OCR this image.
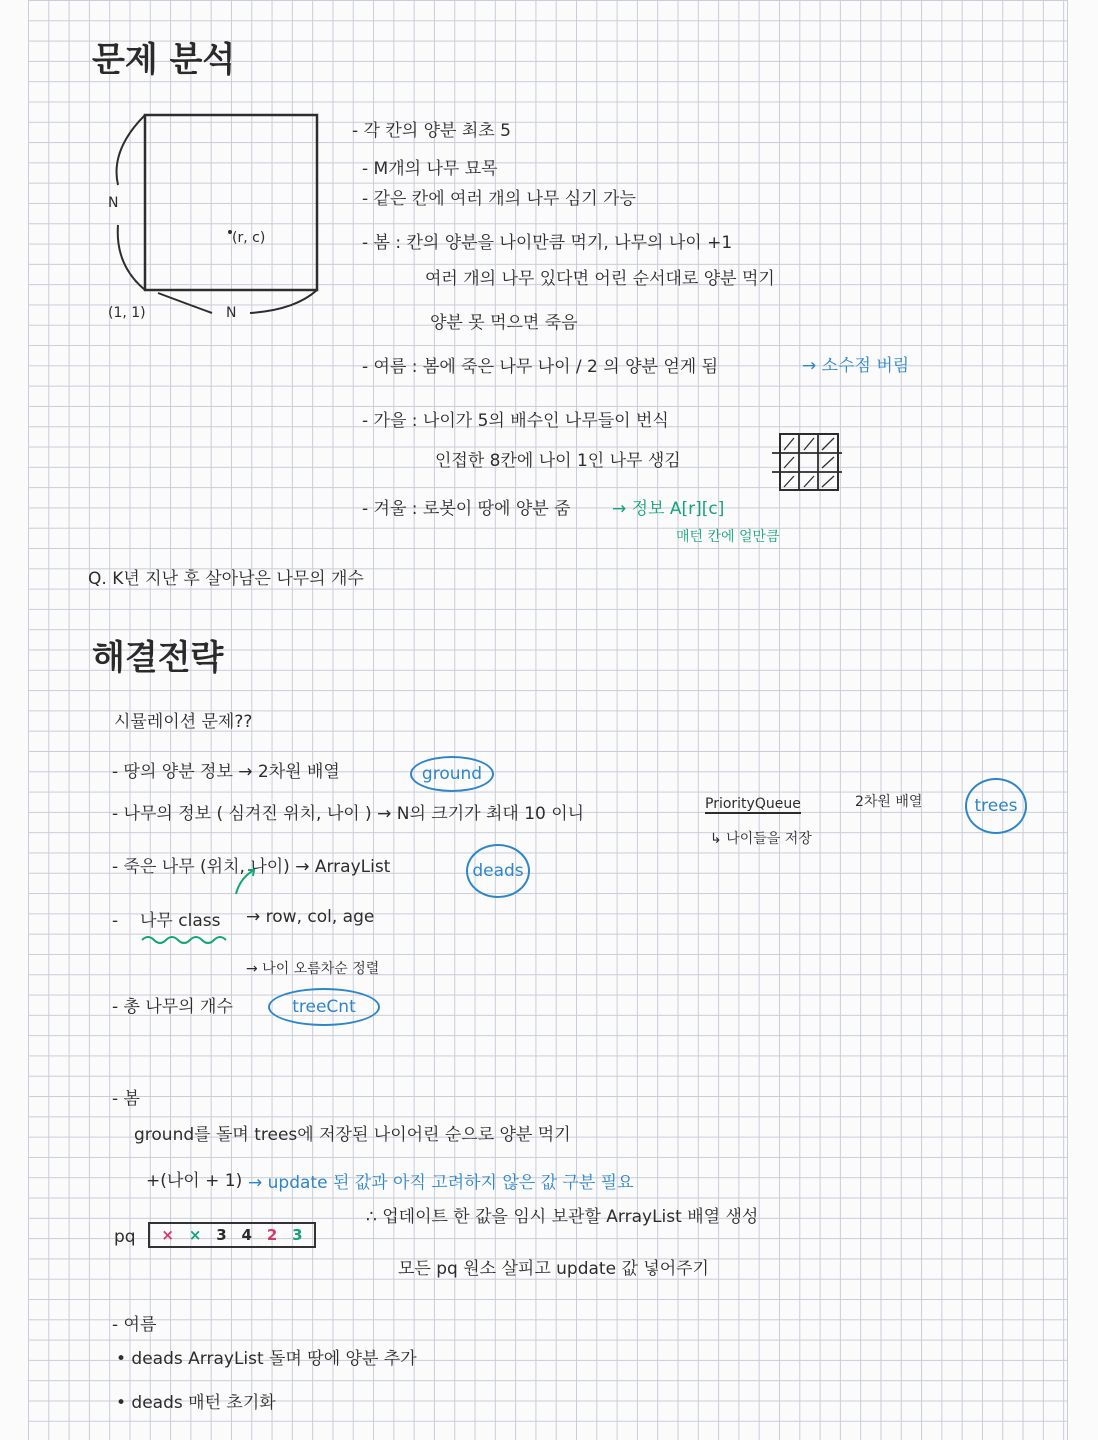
문제 분석
N
N
(r, c)
(1, 1)
- 각 칸의 양분 최초 5
- M개의 나무 묘목
- 같은 칸에 여러 개의 나무 심기 가능
- 봄 : 칸의 양분을 나이만큼 먹기, 나무의 나이 +1
여러 개의 나무 있다면 어린 순서대로 양분 먹기
양분 못 먹으면 죽음
- 여름 : 봄에 죽은 나무 나이 / 2 의 양분 얻게 됨	→ 소수점 버림
- 가을 : 나이가 5의 배수인 나무들이 번식
인접한 8칸에 나이 1인 나무 생김
- 겨울 : 로봇이 땅에 양분 줌 → 정보 A[r][c]
매턴 칸에 얼만큼
Q. K년 지난 후 살아남은 나무의 개수
해결전략
시뮬레이션 문제??
- 땅의 양분 정보 → 2차원 배열	ground
- 나무의 정보 ( 심겨진 위치, 나이 ) → N의 크기가 최대 10 이니	PriorityQueue	2차원 배열	trees
↳ 나이들을 저장
- 죽은 나무 (위치, 나이) → ArrayList	deads
- 나무 class → row, col, age
→ 나이 오름차순 정렬
- 총 나무의 개수	treeCnt
- 봄
ground를 돌며 trees에 저장된 나이어린 순으로 양분 먹기
+(나이 + 1) → update 된 값과 아직 고려하지 않은 값 구분 필요
pq × × 3 4 2 3
∴ 업데이트 한 값을 임시 보관할 ArrayList 배열 생성
모든 pq 원소 살피고 update 값 넣어주기
- 여름
• deads ArrayList 돌며 땅에 양분 추가
• deads 매턴 초기화
